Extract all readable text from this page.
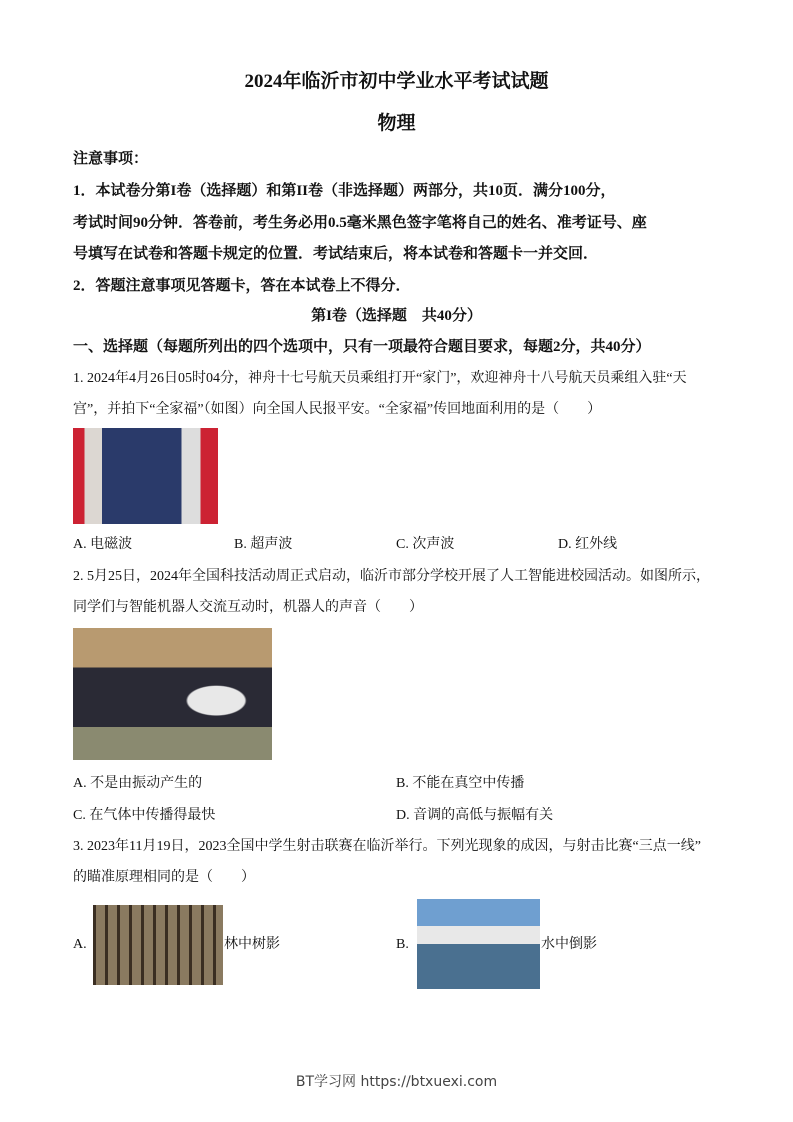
2024年临沂市初中学业水平考试试题
物理
注意事项：
1．本试卷分第I卷（选择题）和第II卷（非选择题）两部分，共10页．满分100分，
考试时间90分钟．答卷前，考生务必用0.5毫米黑色签字笔将自己的姓名、准考证号、座
号填写在试卷和答题卡规定的位置．考试结束后，将本试卷和答题卡一并交回．
2．答题注意事项见答题卡，答在本试卷上不得分．
第I卷（选择题　共40分）
一、选择题（每题所列出的四个选项中，只有一项最符合题目要求，每题2分，共40分）
1. 2024年4月26日05时04分，神舟十七号航天员乘组打开“家门”，欢迎神舟十八号航天员乘组入驻“天
宫”，并拍下“全家福”（如图）向全国人民报平安。“全家福”传回地面利用的是（　　）
A. 电磁波	B. 超声波	C. 次声波	D. 红外线
2. 5月25日，2024年全国科技活动周正式启动，临沂市部分学校开展了人工智能进校园活动。如图所示，
同学们与智能机器人交流互动时，机器人的声音（　　）
A. 不是由振动产生的	B. 不能在真空中传播
C. 在气体中传播得最快	D. 音调的高低与振幅有关
3. 2023年11月19日，2023全国中学生射击联赛在临沂举行。下列光现象的成因，与射击比赛“三点一线”
的瞄准原理相同的是（　　）
A.	林中树影	B.	水中倒影
BT学习网 https://btxuexi.com
